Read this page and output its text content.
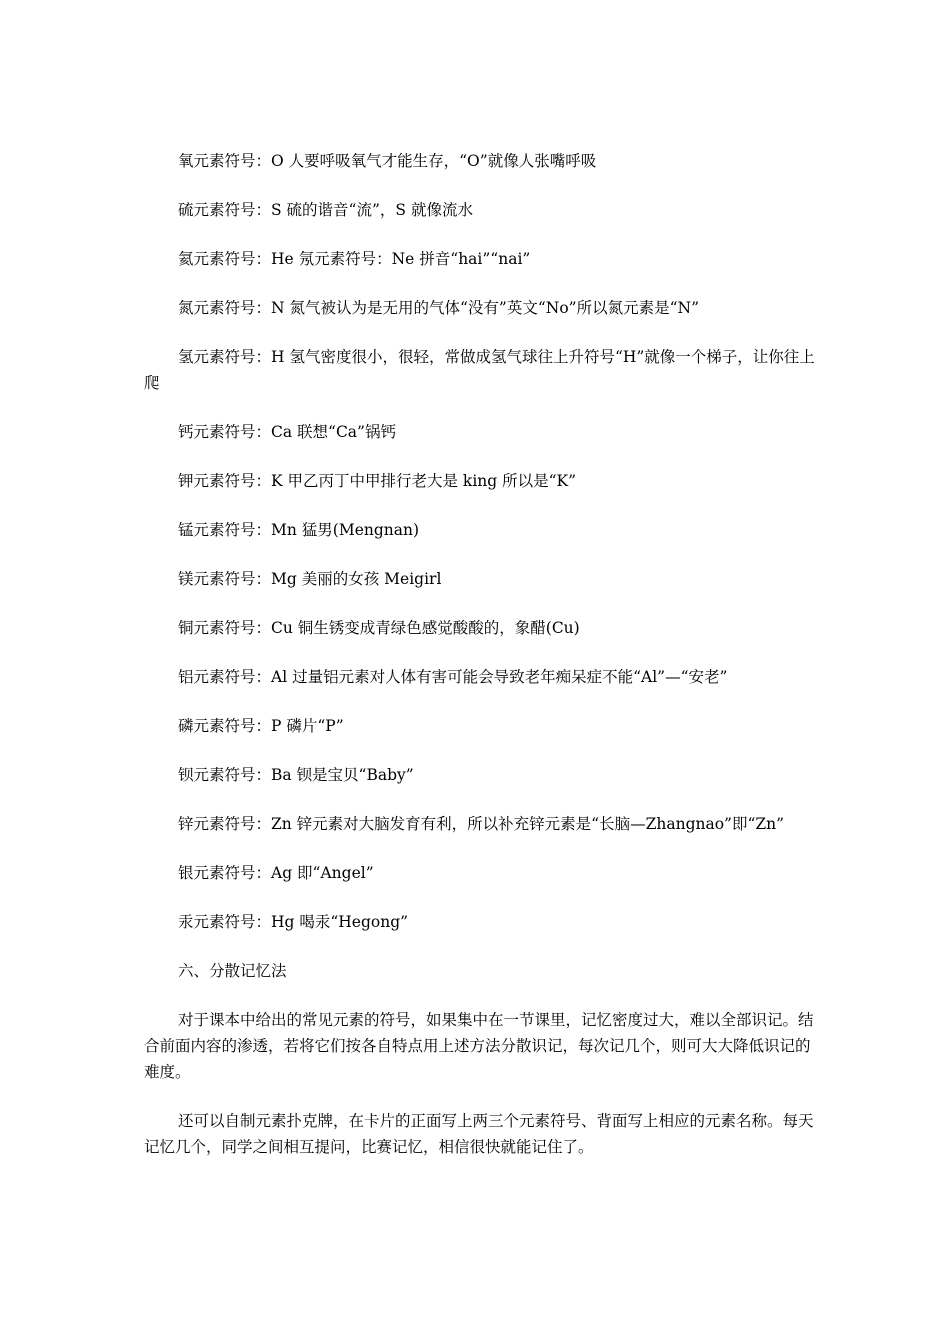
氧元素符号：O 人要呼吸氧气才能生存，“O”就像人张嘴呼吸

硫元素符号：S 硫的谐音“流”，S 就像流水

氦元素符号：He 氖元素符号：Ne 拼音“hai”“nai”

氮元素符号：N 氮气被认为是无用的气体“没有”英文“No”所以氮元素是“N”

氢元素符号：H 氢气密度很小，很轻，常做成氢气球往上升符号“H”就像一个梯子，让你往上爬

钙元素符号：Ca 联想“Ca”锅钙

钾元素符号：K 甲乙丙丁中甲排行老大是 king 所以是“K”

锰元素符号：Mn 猛男(Mengnan)

镁元素符号：Mg 美丽的女孩 Meigirl

铜元素符号：Cu 铜生锈变成青绿色感觉酸酸的，象醋(Cu)

铝元素符号：Al 过量铝元素对人体有害可能会导致老年痴呆症不能“Al”—“安老”

磷元素符号：P 磷片“P”

钡元素符号：Ba 钡是宝贝“Baby”

锌元素符号：Zn 锌元素对大脑发育有利，所以补充锌元素是“长脑—Zhangnao”即“Zn”

银元素符号：Ag 即“Angel”

汞元素符号：Hg 喝汞“Hegong”

六、分散记忆法

对于课本中给出的常见元素的符号，如果集中在一节课里，记忆密度过大，难以全部识记。结合前面内容的渗透，若将它们按各自特点用上述方法分散识记，每次记几个，则可大大降低识记的难度。

还可以自制元素扑克牌，在卡片的正面写上两三个元素符号、背面写上相应的元素名称。每天记忆几个，同学之间相互提问，比赛记忆，相信很快就能记住了。
